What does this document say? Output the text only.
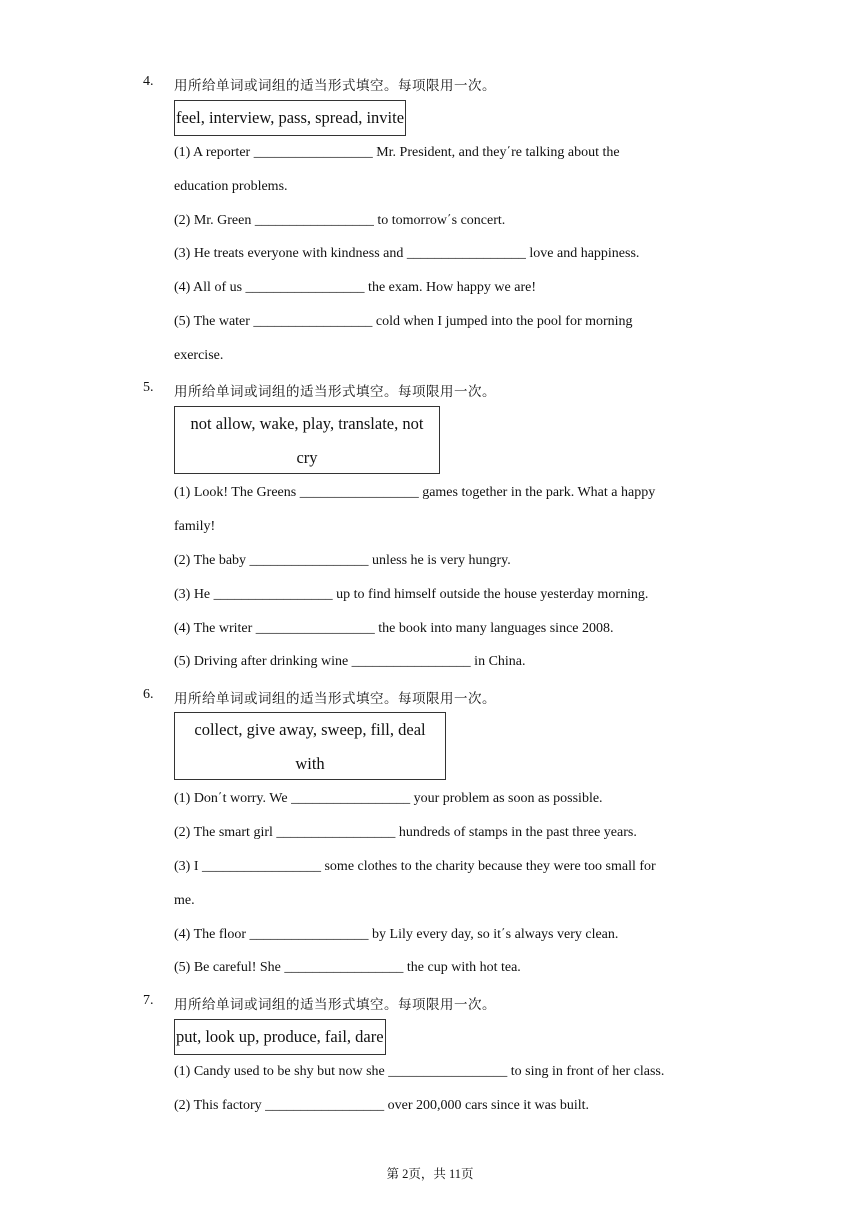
4. 用所给单词或词组的适当形式填空。每项限用一次。
feel, interview, pass, spread, invite
(1) A reporter _________________ Mr. President, and they΄re talking about the
education problems.
(2) Mr. Green _________________ to tomorrow΄s concert.
(3) He treats everyone with kindness and _________________ love and happiness.
(4) All of us _________________ the exam. How happy we are!
(5) The water _________________ cold when I jumped into the pool for morning
exercise.
5. 用所给单词或词组的适当形式填空。每项限用一次。
not allow, wake, play, translate, not
cry
(1) Look! The Greens _________________ games together in the park. What a happy
family!
(2) The baby _________________ unless he is very hungry.
(3) He _________________ up to find himself outside the house yesterday morning.
(4) The writer _________________ the book into many languages since 2008.
(5) Driving after drinking wine _________________ in China.
6. 用所给单词或词组的适当形式填空。每项限用一次。
collect, give away, sweep, fill, deal
with
(1) Don΄t worry. We _________________ your problem as soon as possible.
(2) The smart girl _________________ hundreds of stamps in the past three years.
(3) I _________________ some clothes to the charity because they were too small for
me.
(4) The floor _________________ by Lily every day, so it΄s always very clean.
(5) Be careful! She _________________ the cup with hot tea.
7. 用所给单词或词组的适当形式填空。每项限用一次。
put, look up, produce, fail, dare
(1) Candy used to be shy but now she _________________ to sing in front of her class.
(2) This factory _________________ over 200,000 cars since it was built.
第 2页，共 11页
